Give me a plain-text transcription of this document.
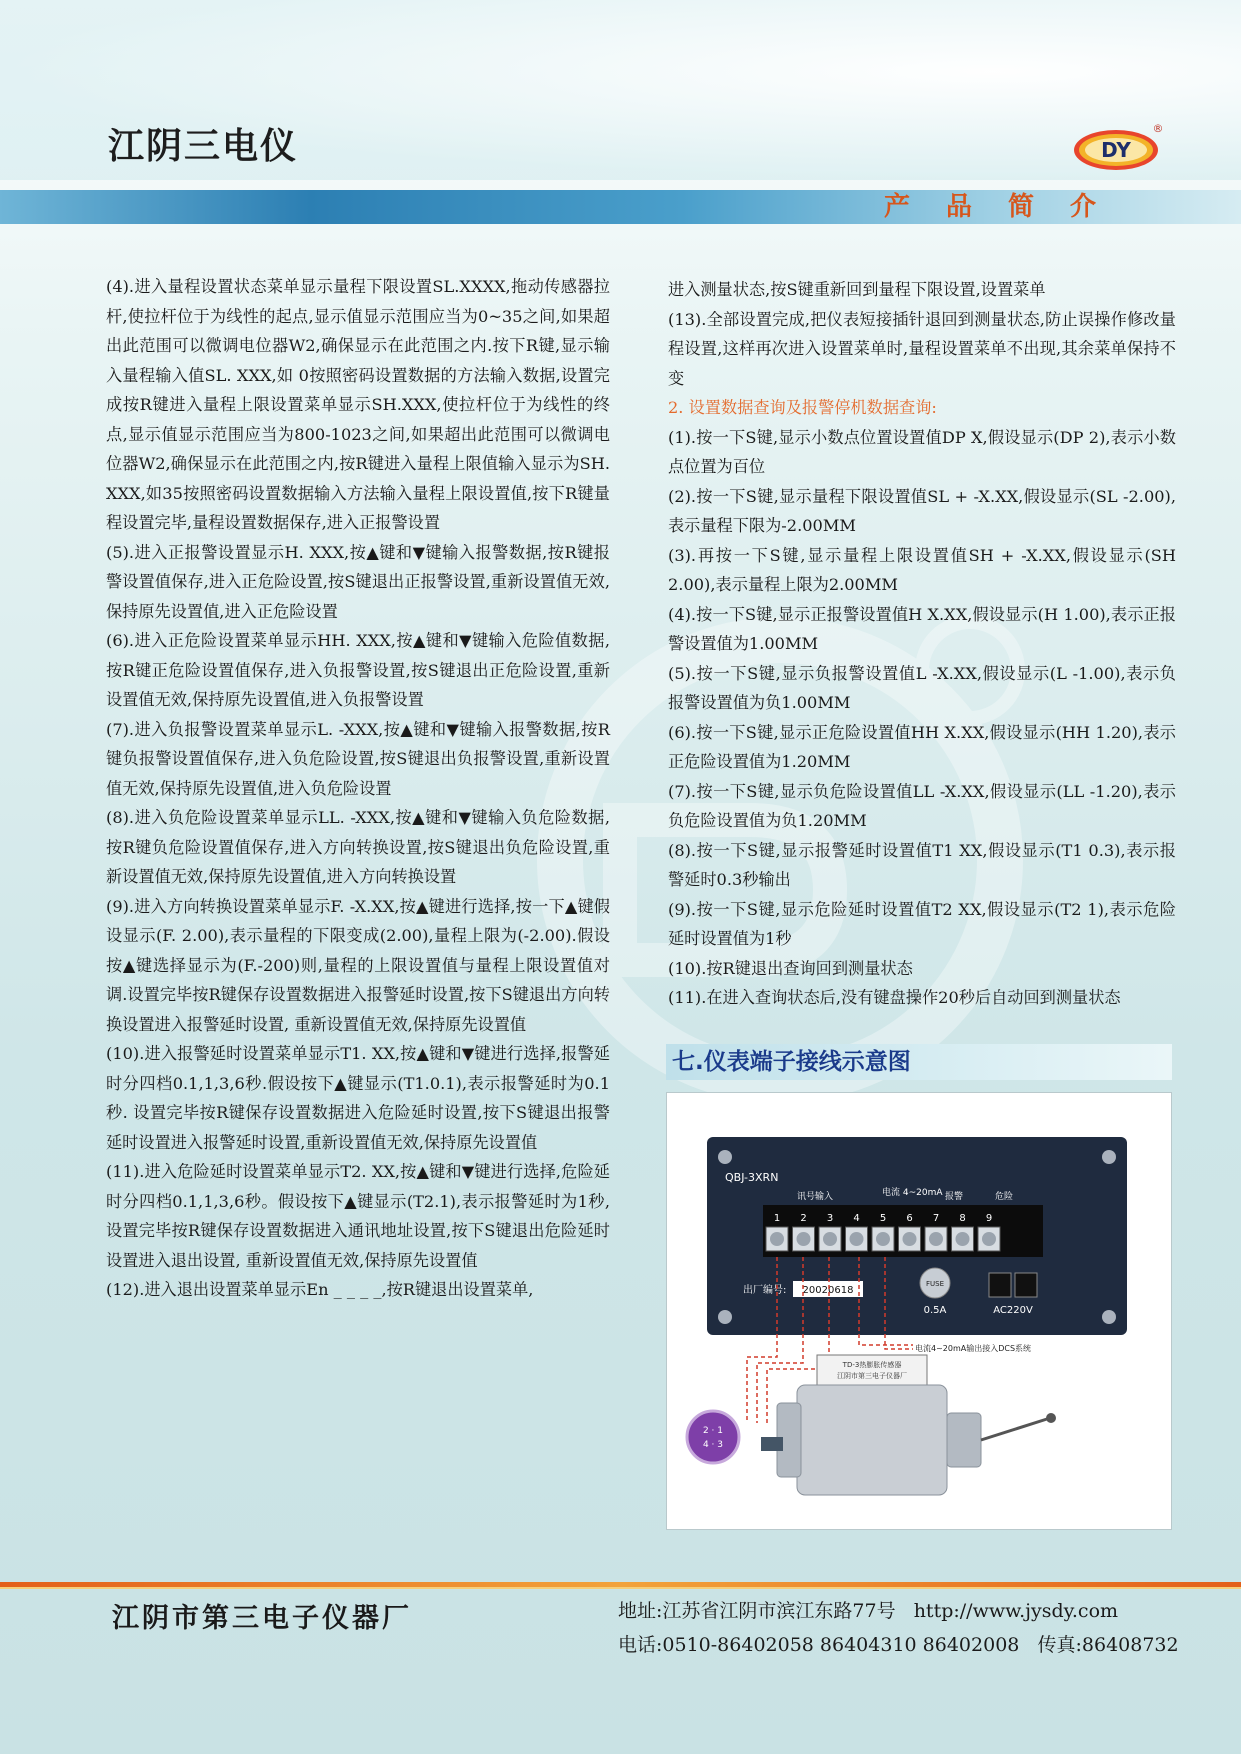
江阴三电仪	DY
®
产品简介

(4).进入量程设置状态菜单显示量程下限设置SL.XXXX,拖动传感器拉杆,使拉杆位于为线性的起点,显示值显示范围应当为0~35之间,如果超出此范围可以微调电位器W2,确保显示在此范围之内.按下R键,显示输入量程输入值SL. XXX,如 0按照密码设置数据的方法输入数据,设置完成按R键进入量程上限设置菜单显示SH.XXX,使拉杆位于为线性的终点,显示值显示范围应当为800-1023之间,如果超出此范围可以微调电位器W2,确保显示在此范围之内,按R键进入量程上限值输入显示为SH. XXX,如35按照密码设置数据输入方法输入量程上限设置值,按下R键量程设置完毕,量程设置数据保存,进入正报警设置

(5).进入正报警设置显示H. XXX,按▲键和▼键输入报警数据,按R键报警设置值保存,进入正危险设置,按S键退出正报警设置,重新设置值无效,保持原先设置值,进入正危险设置

(6).进入正危险设置菜单显示HH. XXX,按▲键和▼键输入危险值数据,按R键正危险设置值保存,进入负报警设置,按S键退出正危险设置,重新设置值无效,保持原先设置值,进入负报警设置

(7).进入负报警设置菜单显示L. -XXX,按▲键和▼键输入报警数据,按R键负报警设置值保存,进入负危险设置,按S键退出负报警设置,重新设置值无效,保持原先设置值,进入负危险设置

(8).进入负危险设置菜单显示LL. -XXX,按▲键和▼键输入负危险数据,按R键负危险设置值保存,进入方向转换设置,按S键退出负危险设置,重新设置值无效,保持原先设置值,进入方向转换设置

(9).进入方向转换设置菜单显示F. -X.XX,按▲键进行选择,按一下▲键假设显示(F. 2.00),表示量程的下限变成(2.00),量程上限为(-2.00).假设按▲键选择显示为(F.-200)则,量程的上限设置值与量程上限设置值对调.设置完毕按R键保存设置数据进入报警延时设置,按下S键退出方向转换设置进入报警延时设置, 重新设置值无效,保持原先设置值

(10).进入报警延时设置菜单显示T1. XX,按▲键和▼键进行选择,报警延时分四档0.1,1,3,6秒.假设按下▲键显示(T1.0.1),表示报警延时为0.1秒. 设置完毕按R键保存设置数据进入危险延时设置,按下S键退出报警延时设置进入报警延时设置,重新设置值无效,保持原先设置值

(11).进入危险延时设置菜单显示T2. XX,按▲键和▼键进行选择,危险延时分四档0.1,1,3,6秒。假设按下▲键显示(T2.1),表示报警延时为1秒,设置完毕按R键保存设置数据进入通讯地址设置,按下S键退出危险延时设置进入退出设置, 重新设置值无效,保持原先设置值

(12).进入退出设置菜单显示En _ _ _ _,按R键退出设置菜单,

进入测量状态,按S键重新回到量程下限设置,设置菜单

(13).全部设置完成,把仪表短接插针退回到测量状态,防止误操作修改量程设置,这样再次进入设置菜单时,量程设置菜单不出现,其余菜单保持不变

2. 设置数据查询及报警停机数据查询:

(1).按一下S键,显示小数点位置设置值DP X,假设显示(DP 2),表示小数点位置为百位

(2).按一下S键,显示量程下限设置值SL + -X.XX,假设显示(SL -2.00),表示量程下限为-2.00MM

(3).再按一下S键,显示量程上限设置值SH + -X.XX,假设显示(SH 2.00),表示量程上限为2.00MM

(4).按一下S键,显示正报警设置值H X.XX,假设显示(H 1.00),表示正报警设置值为1.00MM

(5).按一下S键,显示负报警设置值L -X.XX,假设显示(L -1.00),表示负报警设置值为负1.00MM

(6).按一下S键,显示正危险设置值HH X.XX,假设显示(HH 1.20),表示正危险设置值为1.20MM

(7).按一下S键,显示负危险设置值LL -X.XX,假设显示(LL -1.20),表示负危险设置值为负1.20MM

(8).按一下S键,显示报警延时设置值T1 XX,假设显示(T1 0.3),表示报警延时0.3秒输出

(9).按一下S键,显示危险延时设置值T2 XX,假设显示(T2 1),表示危险延时设置值为1秒

(10).按R键退出查询回到测量状态

(11).在进入查询状态后,没有键盘操作20秒后自动回到测量状态

七.仪表端子接线示意图
QBJ-3XRN
讯号输入	电流 4~20mA 报警	危险
1 2 3 4 5 6 7 8 9
出厂编号: 20020618
FUSE
0.5A	AC220V
电流4~20mA输出接入DCS系统
TD-3热膨胀传感器
江阴市第三电子仪器厂
2 · 1
4 · 3
江阴市第三电子仪器厂	地址:江苏省江阴市滨江东路77号   http://www.jysdy.com
电话:0510-86402058 86404310 86402008   传真:86408732
